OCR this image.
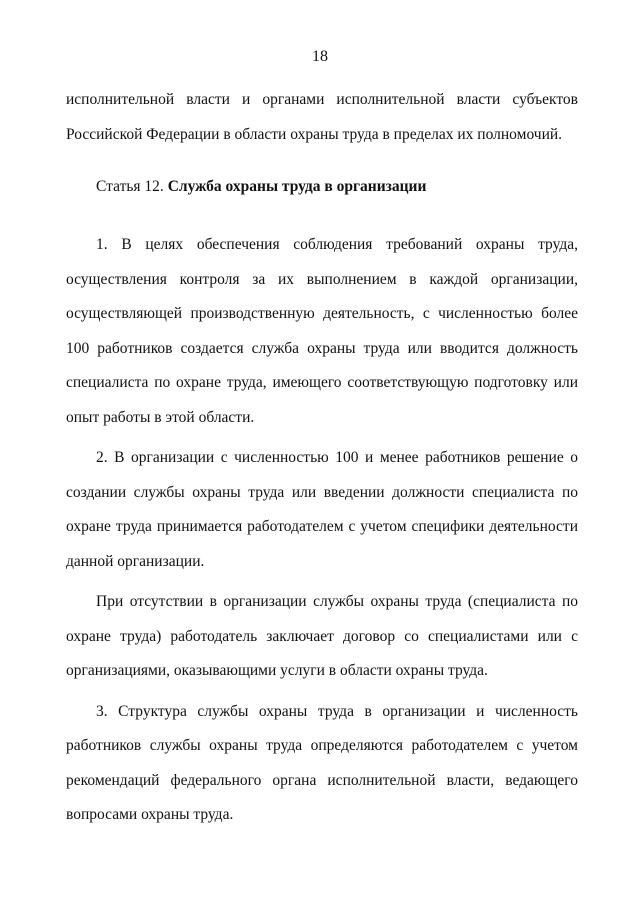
18

исполнительной власти и органами исполнительной власти субъектов Российской Федерации в области охраны труда в пределах их полномочий.

Статья 12. Служба охраны труда в организации

1. В целях обеспечения соблюдения требований охраны труда, осуществления контроля за их выполнением в каждой организации, осуществляющей производственную деятельность, с численностью более 100 работников создается служба охраны труда или вводится должность специалиста по охране труда, имеющего соответствующую подготовку или опыт работы в этой области.

2. В организации с численностью 100 и менее работников решение о создании службы охраны труда или введении должности специалиста по охране труда принимается работодателем с учетом специфики деятельности данной организации.

При отсутствии в организации службы охраны труда (специалиста по охране труда) работодатель заключает договор со специалистами или с организациями, оказывающими услуги в области охраны труда.

3. Структура службы охраны труда в организации и численность работников службы охраны труда определяются работодателем с учетом рекомендаций федерального органа исполнительной власти, ведающего вопросами охраны труда.
